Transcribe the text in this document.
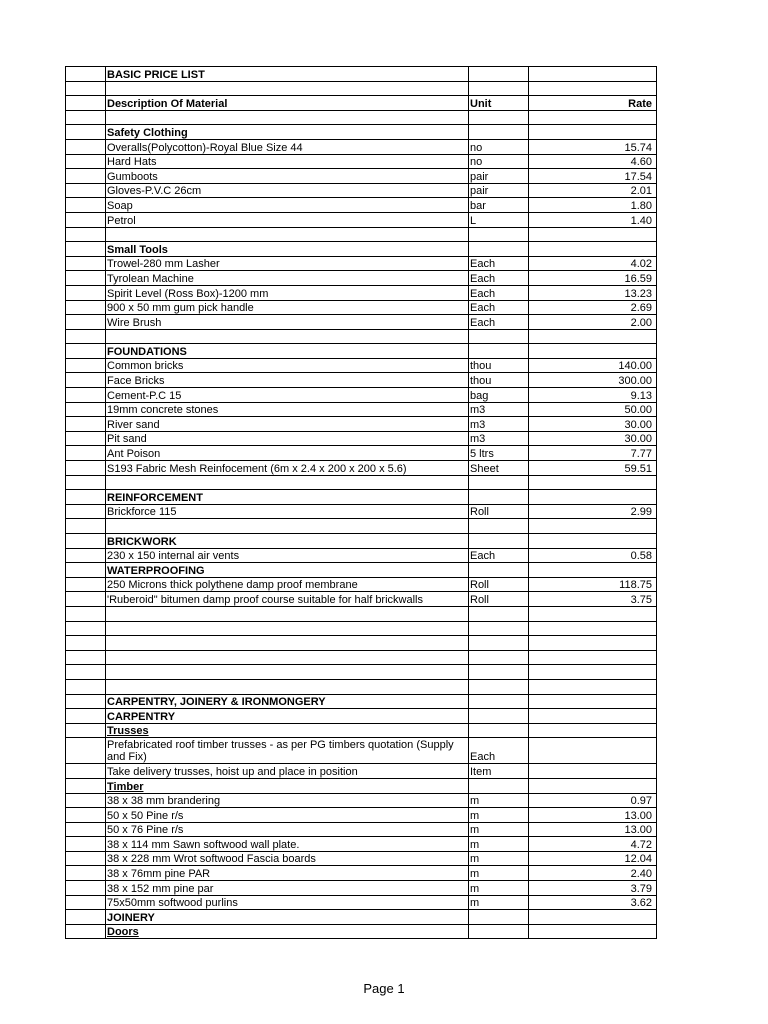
	BASIC PRICE LIST		

	Description Of Material	Unit	Rate

	Safety Clothing		
	Overalls(Polycotton)-Royal Blue Size 44	no	15.74
	Hard Hats	no	4.60
	Gumboots	pair	17.54
	Gloves-P.V.C 26cm	pair	2.01
	Soap	bar	1.80
	Petrol	L	1.40

	Small Tools		
	Trowel-280 mm Lasher	Each	4.02
	Tyrolean Machine	Each	16.59
	Spirit Level (Ross Box)-1200 mm	Each	13.23
	900 x 50 mm gum pick handle	Each	2.69
	Wire Brush	Each	2.00

	FOUNDATIONS		
	Common bricks	thou	140.00
	Face Bricks	thou	300.00
	Cement-P.C 15	bag	9.13
	19mm concrete stones	m3	50.00
	River sand	m3	30.00
	Pit sand	m3	30.00
	Ant Poison	5 ltrs	7.77
	S193 Fabric Mesh Reinfocement (6m x 2.4 x 200 x 200 x 5.6)	Sheet	59.51

	REINFORCEMENT		
	Brickforce 115	Roll	2.99

	BRICKWORK		
	230 x 150 internal air vents	Each	0.58
	WATERPROOFING		
	250 Microns thick polythene damp proof membrane	Roll	118.75
	'Ruberoid" bitumen damp proof course suitable for half brickwalls	Roll	3.75

	CARPENTRY, JOINERY & IRONMONGERY		
	CARPENTRY		
	Trusses		
	Prefabricated roof timber trusses - as per PG timbers quotation (Supply and Fix)	Each	
	Take delivery trusses, hoist up and place in position	Item	
	Timber		
	38 x 38 mm brandering	m	0.97
	50 x 50 Pine r/s	m	13.00
	50 x 76 Pine r/s	m	13.00
	38 x 114 mm Sawn softwood wall plate.	m	4.72
	38 x 228 mm Wrot softwood Fascia boards	m	12.04
	38 x 76mm pine PAR	m	2.40
	38 x 152 mm pine par	m	3.79
	75x50mm softwood purlins	m	3.62
	JOINERY		
	Doors		
Page 1
